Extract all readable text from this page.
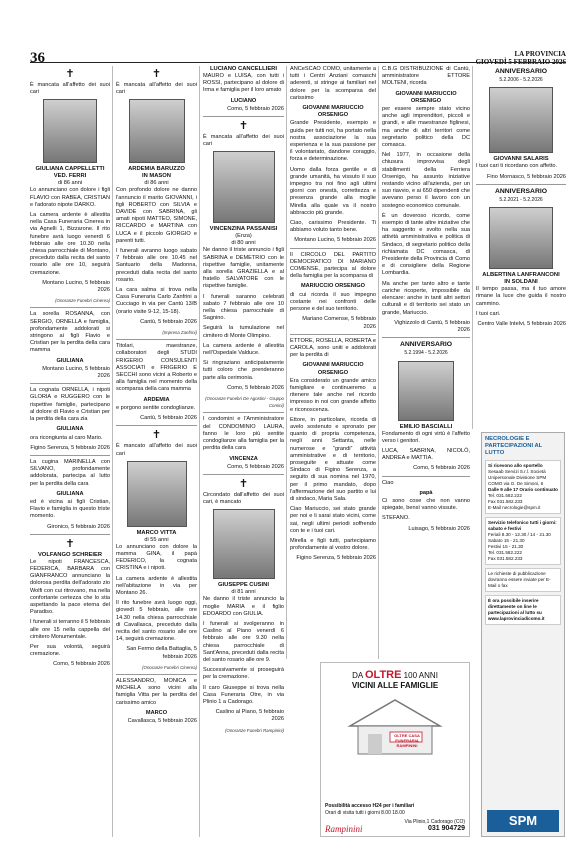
36	LA PROVINCIA
GIOVEDÌ 5 FEBBRAIO 2026
✝
È mancata all'affetto dei suoi cari
GIULIANA CAPPELLETTI
VED. FERRI
di 86 anni
Lo annunciano con dolore i figli FLAVIO con RABEA, CRISTIAN e l'adorato nipote DARKO.
La camera ardente è allestita nella Casa Funeraria Cinerea in via Agnelli 1, Bizzarone. Il rito funebre avrà luogo venerdì 6 febbraio alle ore 10.30 nella chiesa parrocchiale di Montano, preceduto dalla recita del santo rosario alle ore 10, seguirà cremazione.
Montano Lucino, 5 febbraio 2026
(Onoranze Funebri Cinerea)
La sorella ROSANNA, con SERGIO, ORNELLA e famiglia, profondamente addolorati si stringono ai figli Flavio e Cristian per la perdita della cara mamma
GIULIANA
Montano Lucino, 5 febbraio 2026
La cognata ORNELLA, i nipoti GLORIA e RUGGERO con le rispettive famiglie, partecipano al dolore di Flavio e Cristian per la perdita della cara zia
GIULIANA
ora ricongiunta al caro Mario.
Figino Serenza, 5 febbraio 2026
La cugina MARINELLA con SILVANO, profondamente addolorata, partecipa al lutto per la perdita della cara
GIULIANA
ed è vicina ai figli Cristian, Flavio e famiglia in questo triste momento.
Gironico, 5 febbraio 2026
✝
VOLFANGO SCHREIER
Le nipoti FRANCESCA, FEDERICA, BARBARA con GIANFRANCO annunciano la dolorosa perdita dell'adorato zio Wolfi con cui ritrovano, ma nella confortante certezza che lo stia aspettando la pace eterna del Paradiso.
I funerali si terranno il 5 febbraio alle ore 15 nella cappella del cimitero Monumentale.
Per sua volontà, seguirà cremazione.
Como, 5 febbraio 2026
✝
È mancata all'affetto dei suoi cari
ARDEMIA BARUZZO
IN MASON
di 86 anni
Con profondo dolore ne danno l'annuncio il marito GIOVANNI, i figli ROBERTO con SILVIA e DAVIDE con SABRINA, gli amati nipoti MATTEO, SIMONE, RICCARDO e MARTINA con LUCA e il piccolo GIORGIO e parenti tutti.
I funerali avranno luogo sabato 7 febbraio alle ore 10.45 nel Santuario della Madonna, preceduti dalla recita del santo rosario.
La cara salma si trova nella Casa Funeraria Carlo Zanfrini a Cucciago in via per Cantù 13/B (orario visite 9-12, 15-18).
Cantù, 5 febbraio 2026
(Impresa Zanfrini)
Titolari, maestranze, collaboratori degli STUDI FRIGERIO CONSULENTI ASSOCIATI e FRIGERIO E SECCHI sono vicini a Roberto e alla famiglia nel momento della scomparsa della cara mamma
ARDEMIA
e porgono sentite condoglianze.
Cantù, 5 febbraio 2026
✝
È mancato all'affetto dei suoi cari
MARCO VITTA
di 55 anni
Lo annunciano con dolore la mamma GINA, il papà FEDERICO, la cognata CRISTINA e i nipoti.
La camera ardente è allestita nell'abitazione in via per Montano 26.
Il rito funebre avrà luogo oggi, giovedì 5 febbraio, alle ore 14.30 nella chiesa parrocchiale di Cavallasca, preceduto dalla recita del santo rosario alle ore 14, seguirà cremazione.
San Fermo della Battaglia, 5 febbraio 2026
(Onoranze Funebri Cinerea)
ALESSANDRO, MONICA e MICHELA sono vicini alla famiglia Vitta per la perdita del carissimo amico
MARCO
Cavallasca, 5 febbraio 2026
LUCIANO CANCELLIERI
MAURO e LUISA, con tutti i ROSSI, partecipano al dolore di Irma e famiglia per il loro amato
LUCIANO
Como, 5 febbraio 2026
✝
È mancata all'affetto dei suoi cari
VINCENZINA PASSANISI
(Enza)
di 80 anni
Ne danno il triste annuncio i figli SABRINA e DEMETRIO con le rispettive famiglie, unitamente alla sorella GRAZIELLA e al fratello SALVATORE con le rispettive famiglie.
I funerali saranno celebrati sabato 7 febbraio alle ore 10 nella chiesa parrocchiale di Sagnino.
Seguirà la tumulazione nel cimitero di Monte Olimpino.
La camera ardente è allestita nell'Ospedale Valduce.
Si ringraziano anticipatamente tutti coloro che prenderanno parte alla cerimonia.
Como, 5 febbraio 2026
(Onoranze Funebri De Agostini - Gruppo Comini)
I condomini e l'Amministratore del CONDOMINIO LAURA, fanno le loro più sentite condoglianze alla famiglia per la perdita della cara
VINCENZA
Como, 5 febbraio 2026
✝
Circondato dall'affetto dei suoi cari, è mancato
GIUSEPPE CUSINI
di 81 anni
Ne danno il triste annuncio la moglie MARIA e il figlio EDOARDO con GIULIA.
I funerali si svolgeranno in Caslino al Piano venerdì 6 febbraio alle ore 9.30 nella chiesa parrocchiale di Sant'Anna, preceduti dalla recita del santo rosario alle ore 9.
Successivamente si proseguirà per la cremazione.
Il caro Giuseppe si trova nella Casa Funeraria Otre, in via Plinio 1 a Cadorago.
Caslino al Piano, 5 febbraio 2026
(Onoranze Funebri Rampinini)
ANCeSCAO COMO, unitamente a tutti i Centri Anziani comaschi aderenti, si stringe ai familiari nel dolore per la scomparsa del carissimo
GIOVANNI MARIUCCIO ORSENIGO
Grande Presidente, esempio e guida per tutti noi, ha portato nella nostra associazione la sua esperienza e la sua passione per il volontariato, dandone coraggio, forza e determinazione.
Uomo dalla forza gentile e di grande umanità, ha vissuto il suo impegno tra noi fino agli ultimi giorni con onestà, correttezza e presenza grande alla moglie Mirella alla quale va il nostro abbraccio più grande.
Ciao, carissimo Presidente. Ti abbiamo voluto tanto bene.
Montano Lucino, 5 febbraio 2026
Il CIRCOLO DEL PARTITO DEMOCRATICO DI MARIANO COMENSE, partecipa al dolore della famiglia per la scomparsa di
MARIUCCIO ORSENIGO
di cui ricorda il suo impegno costante nei confronti delle persone e del suo territorio.
Mariano Comense, 5 febbraio 2026
ETTORE, ROSELLA, ROBERTA e CAROLA, sono uniti e addolorati per la perdita di
GIOVANNI MARIUCCIO ORSENIGO
Era considerato un grande amico famigliare e continueremo a ritenere tale anche nel ricordo impresso in noi con grande affetto e riconoscenza.
Ettore, in particolare, ricorda di avelo sostenuto e spronato per quanto di propria competenza, negli anni Settanta, nelle numerose e “grandi” attività amministrative e di territorio, proseguite e attuate come Sindaco di Figino Serenza, a seguito di sua nomina nel 1970, per il primo mandato, dopo l'affermazione del suo partito e lui di sindaco, Maria Sala.
Ciao Mariuccio, sei stato grande per noi e li sarai stato vicini, come sai, negli ultimi periodi soffrendo con te e i tuoi cari.
Mirella e figli tutti, partecipiamo profondamente al vostro dolore.
Figino Serenza, 5 febbraio 2026
C.B.G DISTRIBUZIONE di Cantù, amministratore ETTORE MOLTENI, ricorda
GIOVANNI MARIUCCIO ORSENIGO
per essere sempre stato vicino anche agli imprenditori, piccoli e grandi, e alle maestranze figlinesi, ma anche di altri territori come segretario politico della DC comasca.
Nel 1977, in occasione della chiusura improvvisa degli stabilimenti della Ferriera Orsenigo, ha assunto iniziative restando vicino all'azienda, per un suo riavvio, e ai 650 dipendenti che avevano perso il lavoro con un sostegno economico comunale.
È un doveroso ricordo, come esempio di tante altre iniziative che ha saggerito e svolto nella sua attività amministrativa e politica di Sindaco, di segretario politico della richiamata DC comasca, di Presidente della Provincia di Como e di consigliere della Regione Lombardia.
Ma anche per tanto altro e tante cariche ricoperte, impossibile da elencare: anche in tanti altri settori culturali e di territorio sei stato un grande, Mariuccio.
Vighizzolo di Cantù, 5 febbraio 2026
ANNIVERSARIO
5.2.1994 - 5.2.2026
EMILIO BASCIALLI
Fondamento di ogni virtù è l'affetto verso i genitori.
LUCA, SABRINA, NICOLÒ, ANDREA e MATTIA.
Como, 5 febbraio 2026
Ciao
papà
Ci sono cose che non vanno spiegate, bensì vanno vissute.
STEFANO.
Luisago, 5 febbraio 2026
ANNIVERSARIO
5.2.2006 - 5.2.2026
GIOVANNI SALARIS
I tuoi cari ti ricordano con affetto.
Fino Mornasco, 5 febbraio 2026
ANNIVERSARIO
5.2.2021 - 5.2.2026
ALBERTINA LANFRANCONI
IN SOLDANI
Il tempo passa, ma il tuo amore rimane la luce che guida il nostro cammino.
I tuoi cari.
Centro Valle Intelvi, 5 febbraio 2026
NECROLOGIE E PARTECIPAZIONI AL LUTTO
Si ricevono allo sportello
Sesaab Servizi S.r.l. Società Unipersonale Divisione SPM
COMO via G. De Simoni, 6
Dalle 9 alle 17 Orario continuato
Tel. 031.582.222
Fax 031.582.233
E-Mail necrologie@spm.it
Servizio telefonico tutti i giorni: sabato e festivi
Feriali 8.30 - 12.30 / 14 - 21.30
Sabato 15 - 21.30
Festivi 15 - 21.30
Tel. 031.582.222
Fax 031.582.233
Le richieste di pubblicazione dovranno essere inviate per E-Mail o fax
È ora possibile inserire direttamente on line le partecipazioni al lutto su www.laprovinciadicomo.it
SPM
DA OLTRE 100 ANNI
VICINI ALLE FAMIGLIE
OLTRE CASA FUNERARIA RAMPININI
Possibilità accesso H24 per i familiari
Orari di visita tutti i giorni 8.00 18.00
Rampinini
Via Plinio,1 Cadorago (CO)
031 904729
